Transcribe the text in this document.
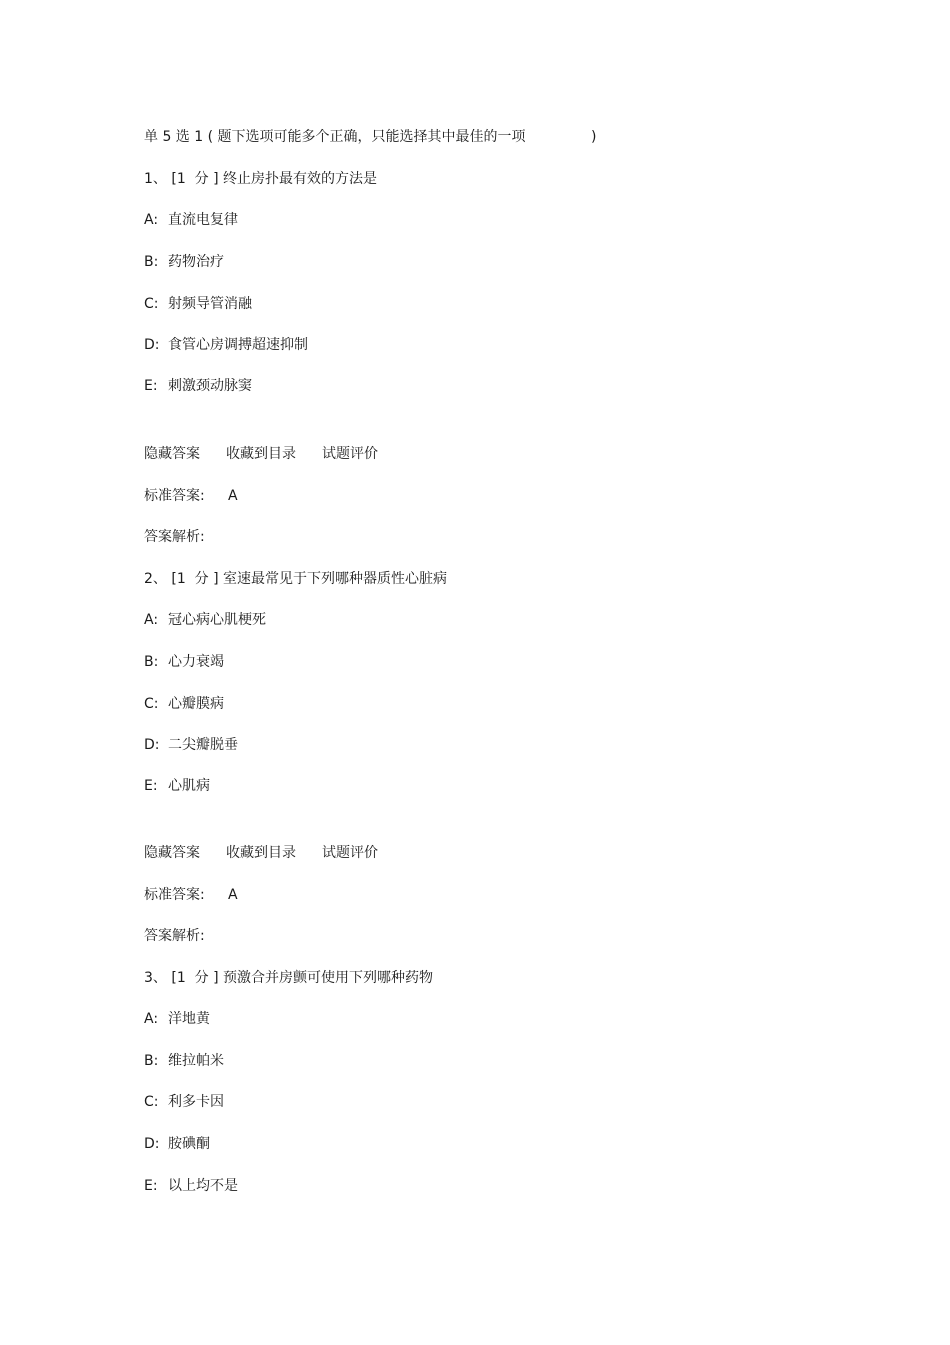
单 5 选 1 ( 题下选项可能多个正确，只能选择其中最佳的一项	)
1、 [1  分 ] 终止房扑最有效的方法是
A: 直流电复律
B: 药物治疗
C: 射频导管消融
D: 食管心房调搏超速抑制
E: 刺激颈动脉窦
隐藏答案 收藏到目录 试题评价
标准答案: A
答案解析:
2、 [1  分 ] 室速最常见于下列哪种器质性心脏病
A: 冠心病心肌梗死
B: 心力衰竭
C: 心瓣膜病
D: 二尖瓣脱垂
E: 心肌病
隐藏答案 收藏到目录 试题评价
标准答案: A
答案解析:
3、 [1  分 ] 预激合并房颤可使用下列哪种药物
A: 洋地黄
B: 维拉帕米
C: 利多卡因
D: 胺碘酮
E: 以上均不是
